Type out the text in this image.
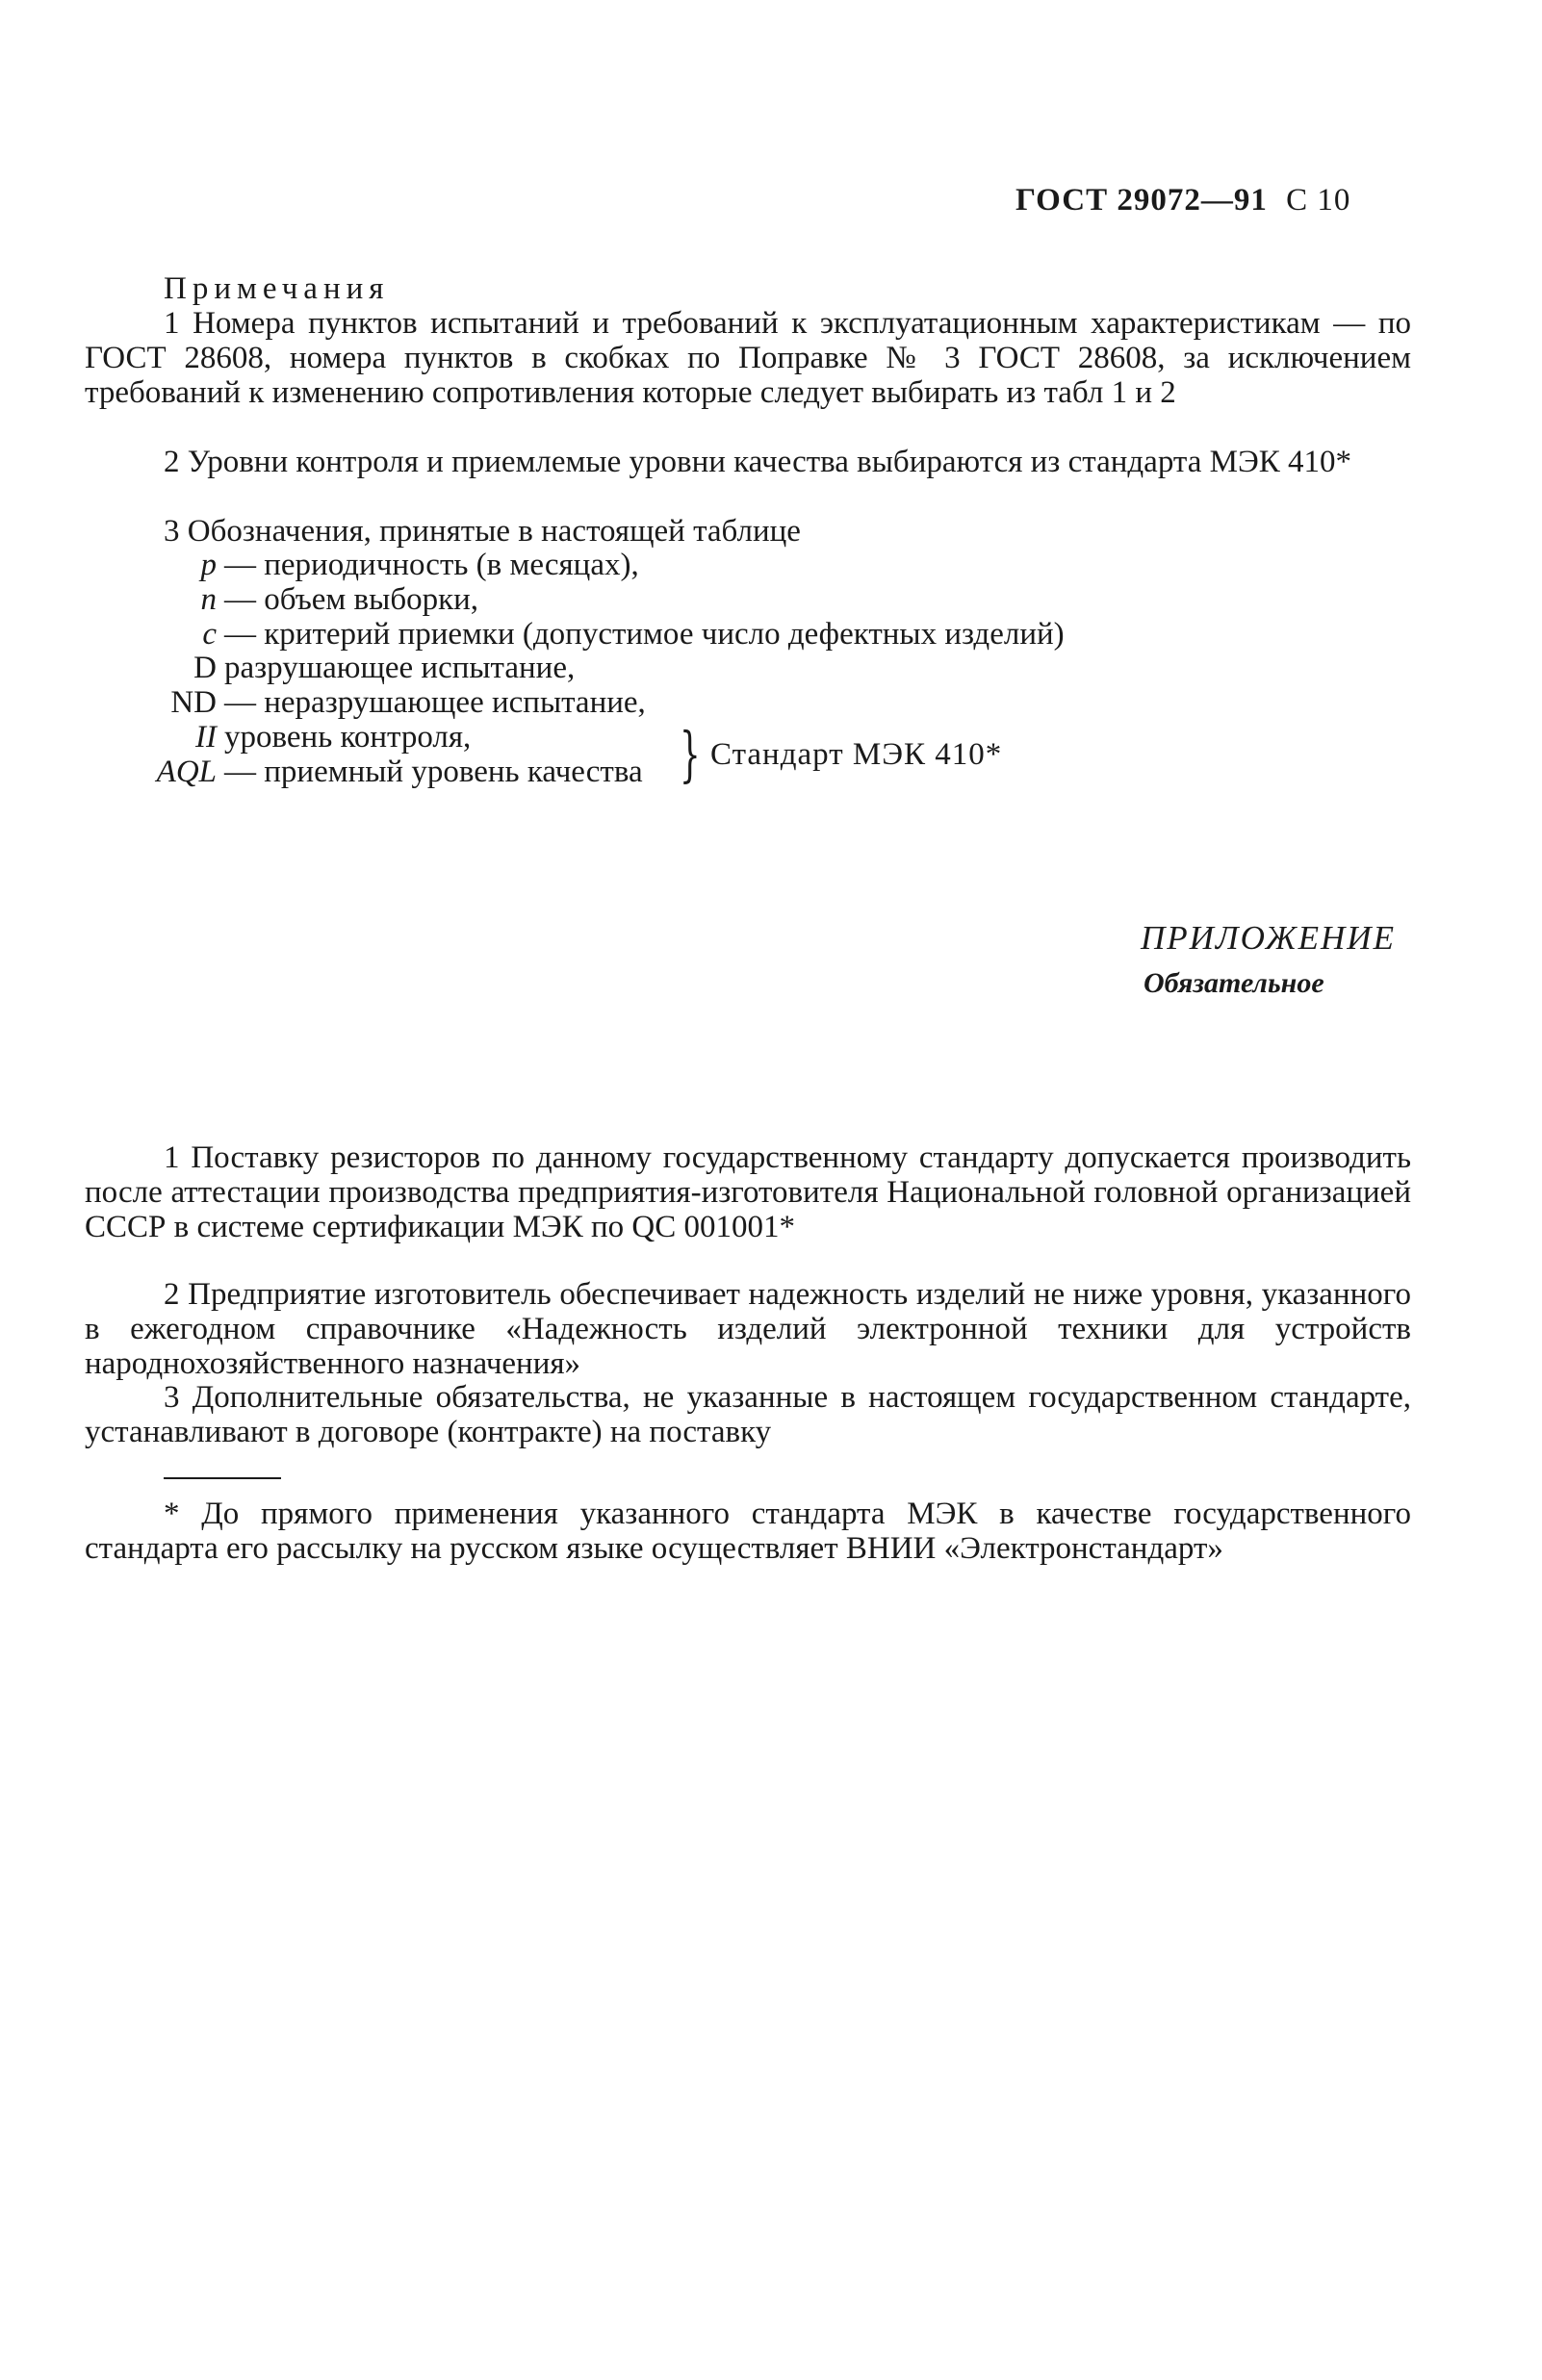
ГОСТ 29072—91 С 10
Примечания
1 Номера пунктов испытаний и требований к эксплуатационным характеристикам — по ГОСТ 28608, номера пунктов в скобках по Поправке № 3 ГОСТ 28608, за исключением требований к изменению сопротивления которые следует выбирать из табл 1 и 2
2 Уровни контроля и приемлемые уровни качества выбираются из стандарта МЭК 410*
3 Обозначения, принятые в настоящей таблице
p — периодичность (в месяцах),
n — объем выборки,
c — критерий приемки (допустимое число дефектных изделий)
D разрушающее испытание,
ND — неразрушающее испытание,
II уровень контроля,
AQL — приемный уровень качества } Стандарт МЭК 410*
ПРИЛОЖЕНИЕ
Обязательное
1 Поставку резисторов по данному государственному стандарту допускается производить после аттестации производства предприятия-изготовителя Национальной головной организацией СССР в системе сертификации МЭК по QC 001001*
2 Предприятие изготовитель обеспечивает надежность изделий не ниже уровня, указанного в ежегодном справочнике «Надежность изделий электронной техники для устройств народнохозяйственного назначения»
3 Дополнительные обязательства, не указанные в настоящем государственном стандарте, устанавливают в договоре (контракте) на поставку
* До прямого применения указанного стандарта МЭК в качестве государственного стандарта его рассылку на русском языке осуществляет ВНИИ «Электронстандарт»
